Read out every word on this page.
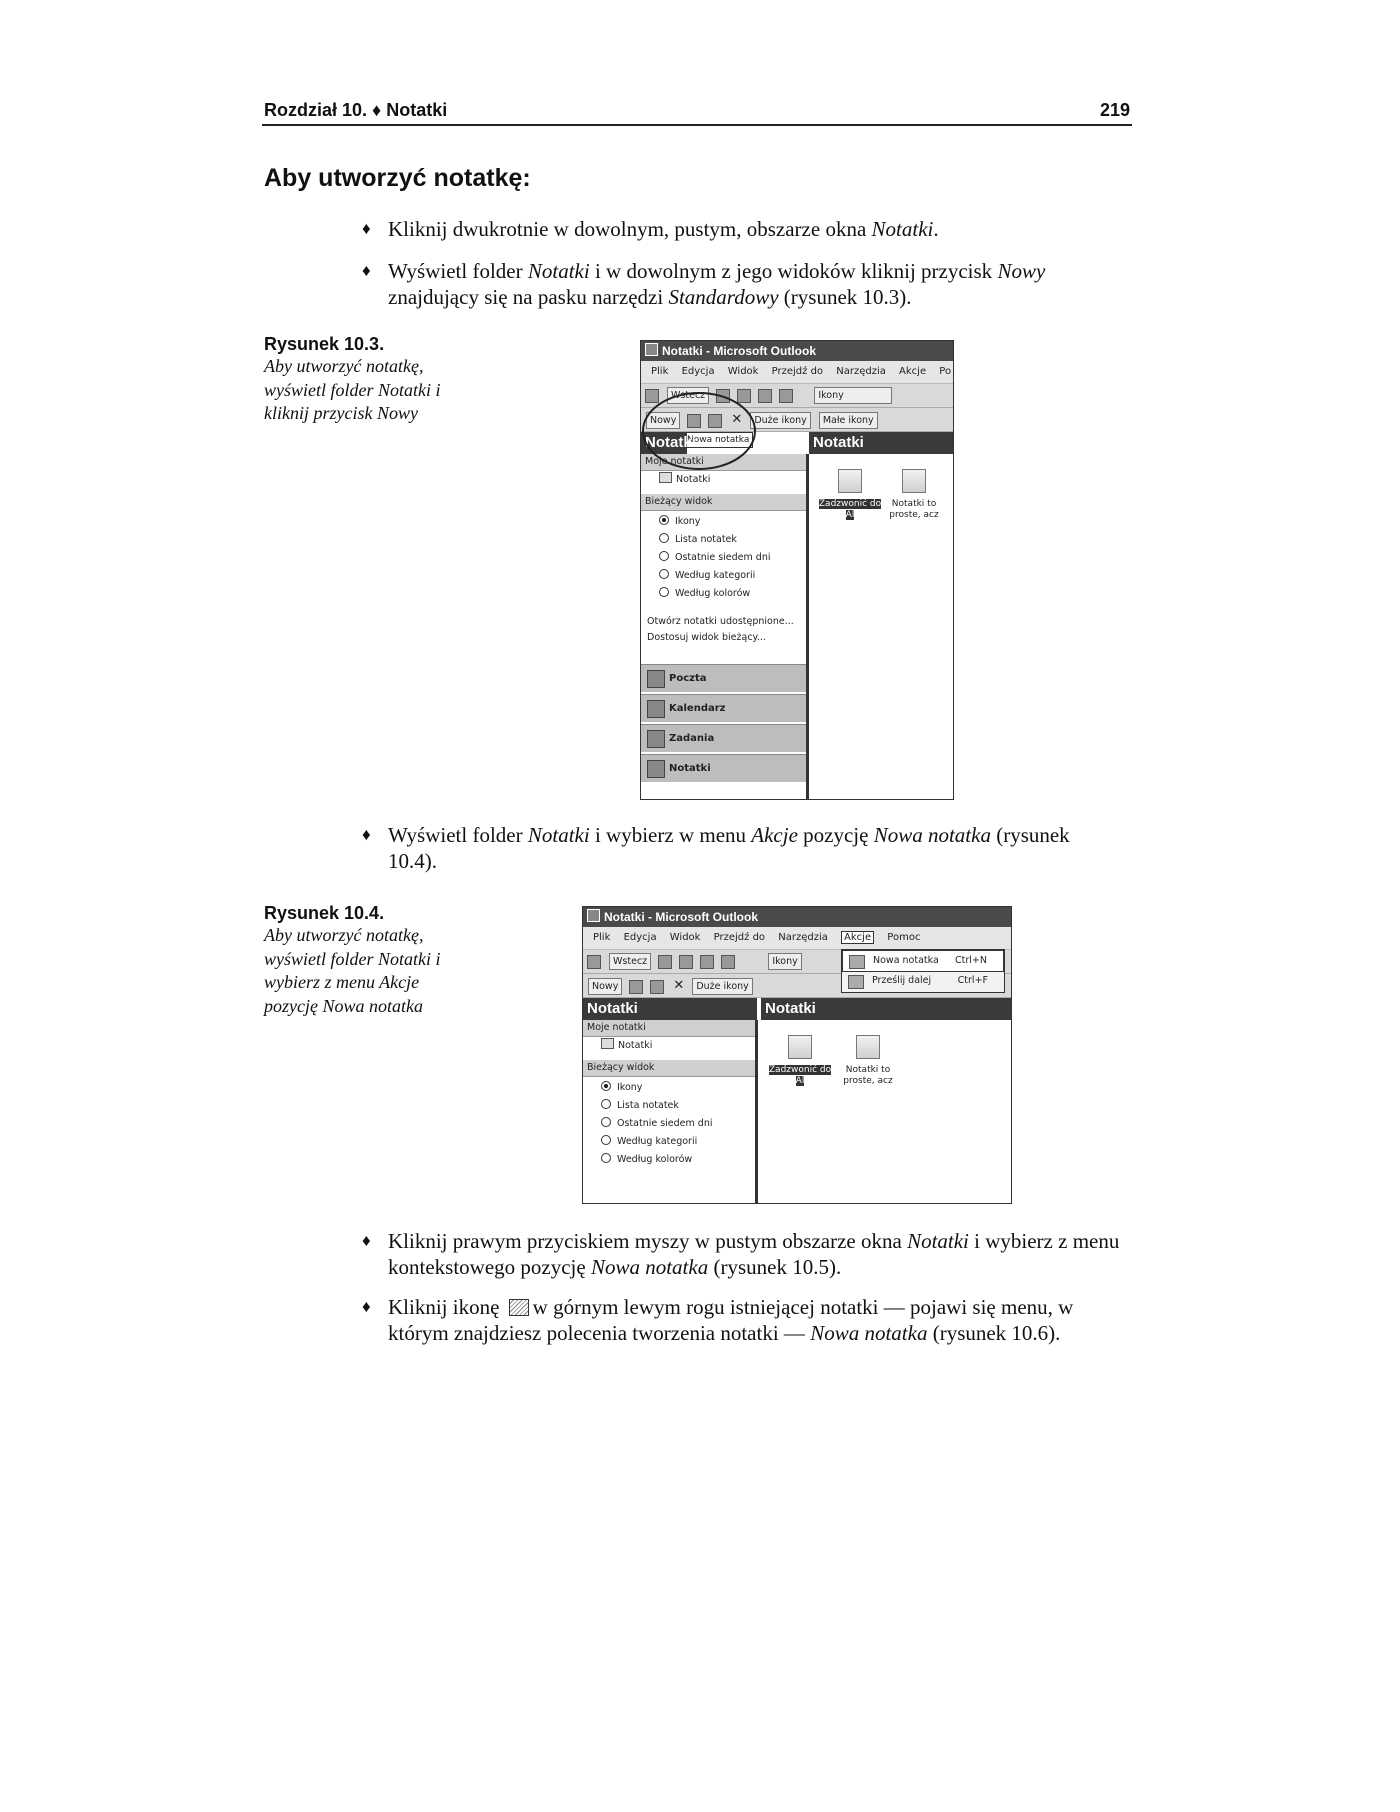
Rozdział 10. ♦ Notatki	219
Aby utworzyć notatkę:
♦ Kliknij dwukrotnie w dowolnym, pustym, obszarze okna Notatki.
♦ Wyświetl folder Notatki i w dowolnym z jego widoków kliknij przycisk Nowy znajdujący się na pasku narzędzi Standardowy (rysunek 10.3).
Rysunek 10.3.
Aby utworzyć notatkę, wyświetl folder Notatki i kliknij przycisk Nowy
Notatki - Microsoft Outlook
Plik Edycja Widok Przejdź do Narzędzia Akcje Po
Wstecz	Ikony
Nowy	✕ Duże ikony Małe ikony
Nowa notatka
Notatki	Notatki
Moje notatki
Notatki
Bieżący widok
Ikony
Lista notatek
Ostatnie siedem dni
Według kategorii
Według kolorów
Otwórz notatki udostępnione...
Dostosuj widok bieżący...
Poczta
Kalendarz
Zadania
Notatki
Zadzwonić do
Al
Notatki to
proste, acz
♦ Wyświetl folder Notatki i wybierz w menu Akcje pozycję Nowa notatka (rysunek 10.4).
Rysunek 10.4.
Aby utworzyć notatkę, wyświetl folder Notatki i wybierz z menu Akcje pozycję Nowa notatka
Notatki - Microsoft Outlook
Plik Edycja Widok Przejdź do Narzędzia Akcje Pomoc
Wstecz	Ikony
Nowy	✕ Duże ikony
Nowa notatka Ctrl+N
Prześlij dalej	Ctrl+F
Notatki	Notatki
Moje notatki
Notatki
Bieżący widok
Ikony
Lista notatek
Ostatnie siedem dni
Według kategorii
Według kolorów
Zadzwonić do
Al
Notatki to
proste, acz
♦ Kliknij prawym przyciskiem myszy w pustym obszarze okna Notatki i wybierz z menu kontekstowego pozycję Nowa notatka (rysunek 10.5).
♦ Kliknij ikonę w górnym lewym rogu istniejącej notatki –– pojawi się menu, w którym znajdziesz polecenia tworzenia notatki — Nowa notatka (rysunek 10.6).
